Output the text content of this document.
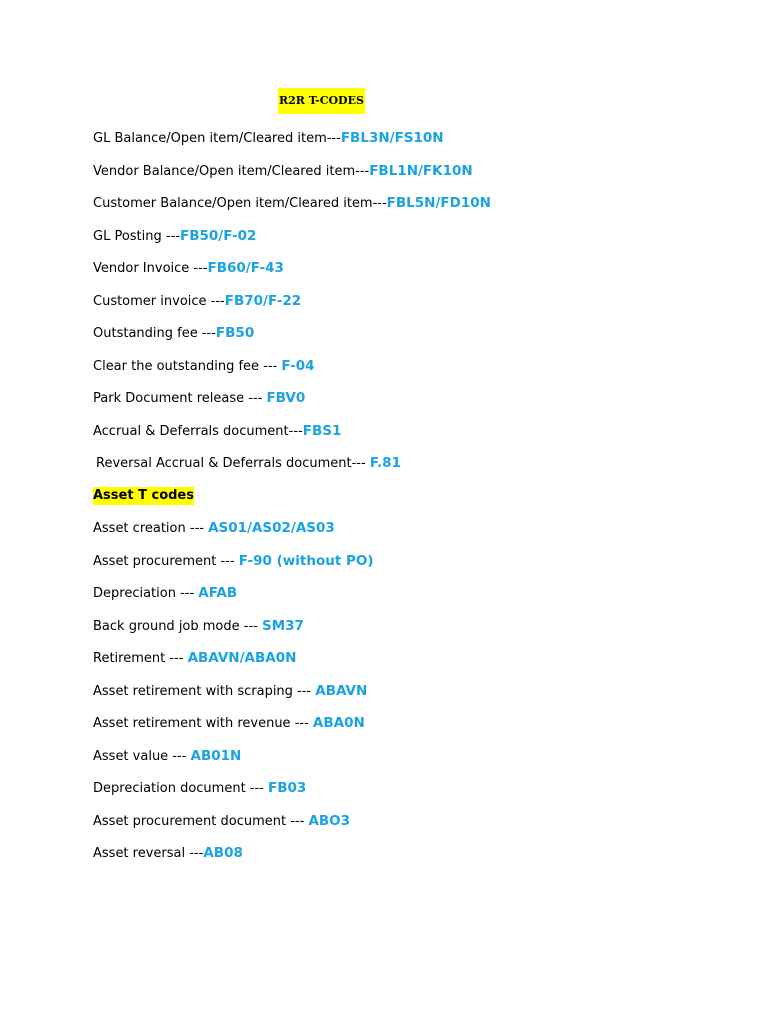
R2R T-CODES
GL Balance/Open item/Cleared item---FBL3N/FS10N
Vendor Balance/Open item/Cleared item---FBL1N/FK10N
Customer Balance/Open item/Cleared item---FBL5N/FD10N
GL Posting ---FB50/F-02
Vendor Invoice ---FB60/F-43
Customer invoice ---FB70/F-22
Outstanding fee ---FB50
Clear the outstanding fee --- F-04
Park Document release --- FBV0
Accrual & Deferrals document---FBS1
Reversal Accrual & Deferrals document--- F.81
Asset T codes
Asset creation --- AS01/AS02/AS03
Asset procurement --- F-90 (without PO)
Depreciation --- AFAB
Back ground job mode --- SM37
Retirement --- ABAVN/ABA0N
Asset retirement with scraping --- ABAVN
Asset retirement with revenue --- ABA0N
Asset value --- AB01N
Depreciation document --- FB03
Asset procurement document --- ABO3
Asset reversal ---AB08
